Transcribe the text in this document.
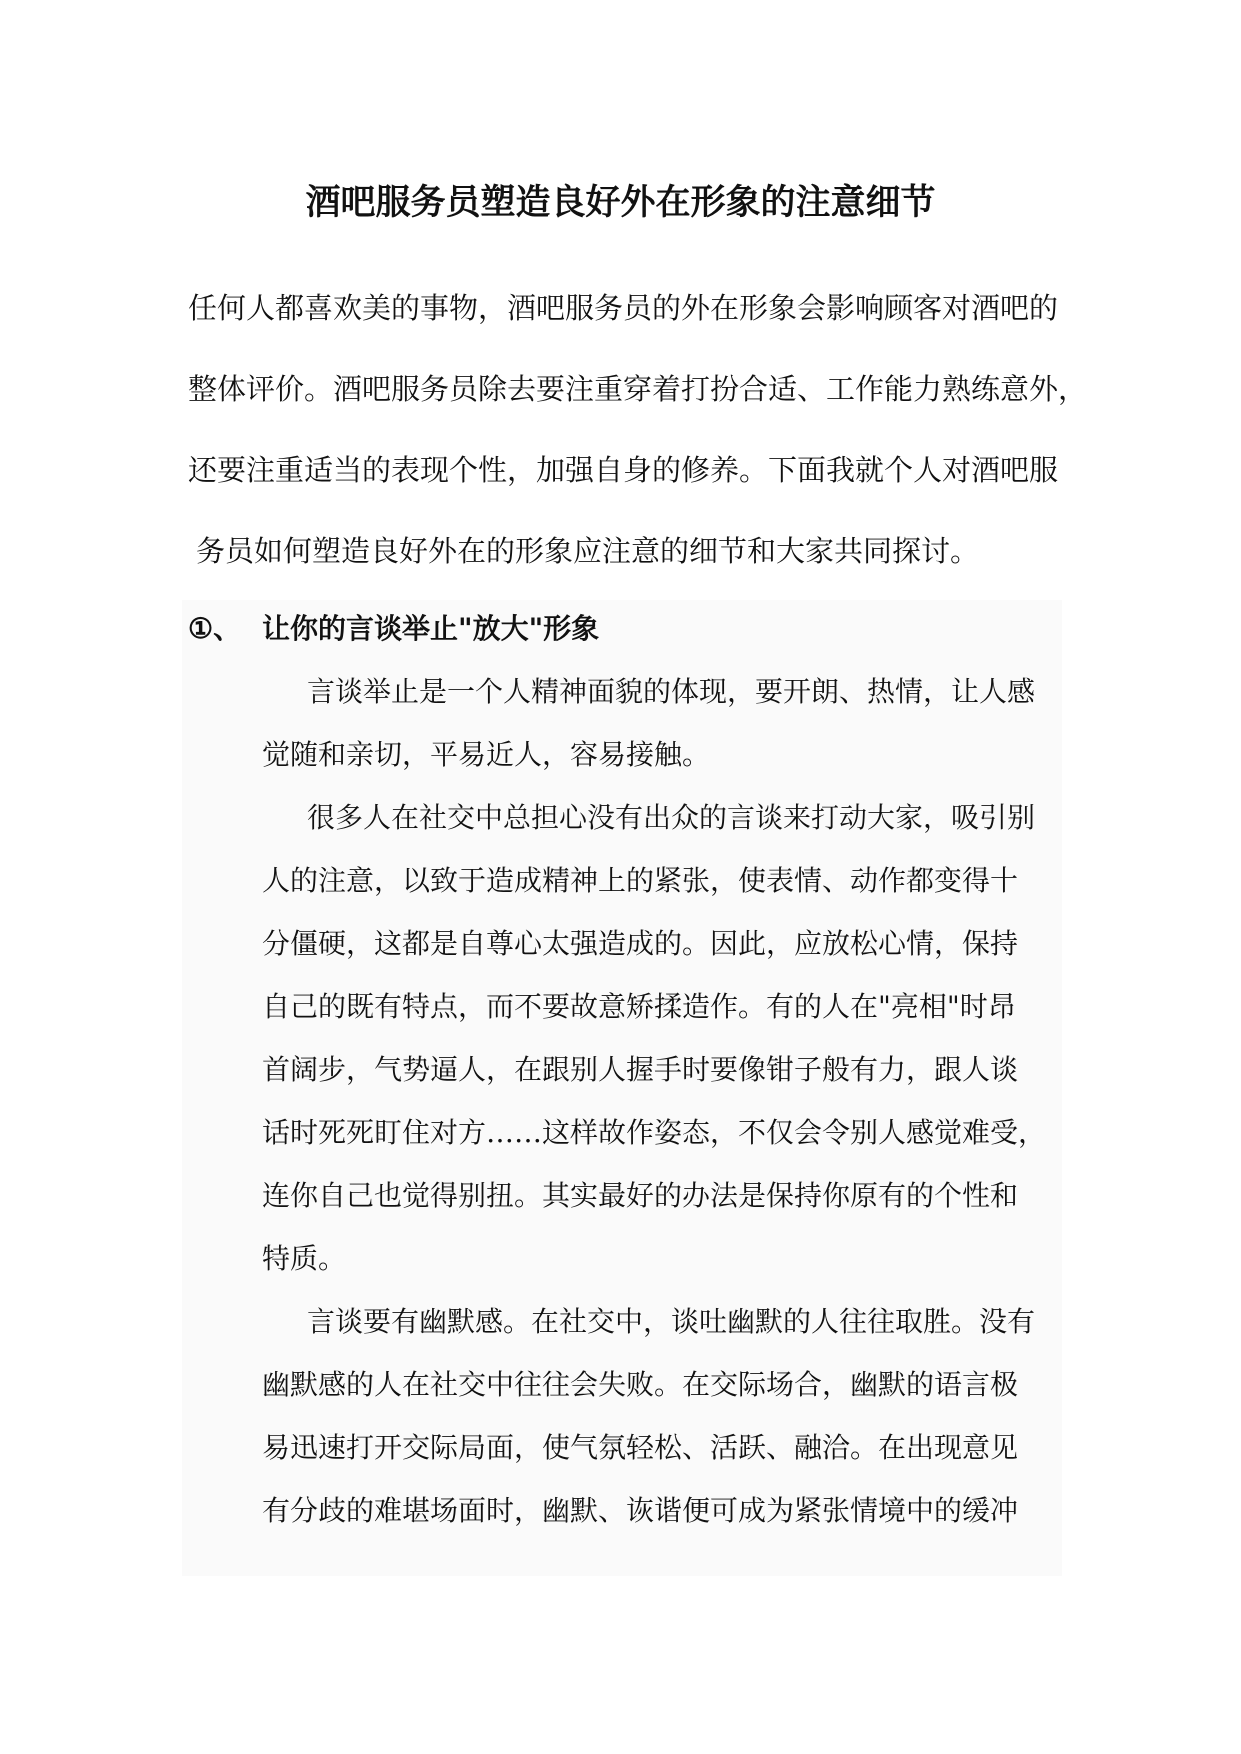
酒吧服务员塑造良好外在形象的注意细节
任何人都喜欢美的事物，酒吧服务员的外在形象会影响顾客对酒吧的
整体评价。酒吧服务员除去要注重穿着打扮合适、工作能力熟练意外，
还要注重适当的表现个性，加强自身的修养。下面我就个人对酒吧服
务员如何塑造良好外在的形象应注意的细节和大家共同探讨。
①、 让你的言谈举止"放大"形象
言谈举止是一个人精神面貌的体现，要开朗、热情，让人感
觉随和亲切，平易近人，容易接触。
很多人在社交中总担心没有出众的言谈来打动大家，吸引别
人的注意，以致于造成精神上的紧张，使表情、动作都变得十
分僵硬，这都是自尊心太强造成的。因此，应放松心情，保持
自己的既有特点，而不要故意矫揉造作。有的人在"亮相"时昂
首阔步，气势逼人，在跟别人握手时要像钳子般有力，跟人谈
话时死死盯住对方……这样故作姿态，不仅会令别人感觉难受，
连你自己也觉得别扭。其实最好的办法是保持你原有的个性和
特质。
言谈要有幽默感。在社交中，谈吐幽默的人往往取胜。没有
幽默感的人在社交中往往会失败。在交际场合，幽默的语言极
易迅速打开交际局面，使气氛轻松、活跃、融洽。在出现意见
有分歧的难堪场面时，幽默、诙谐便可成为紧张情境中的缓冲
